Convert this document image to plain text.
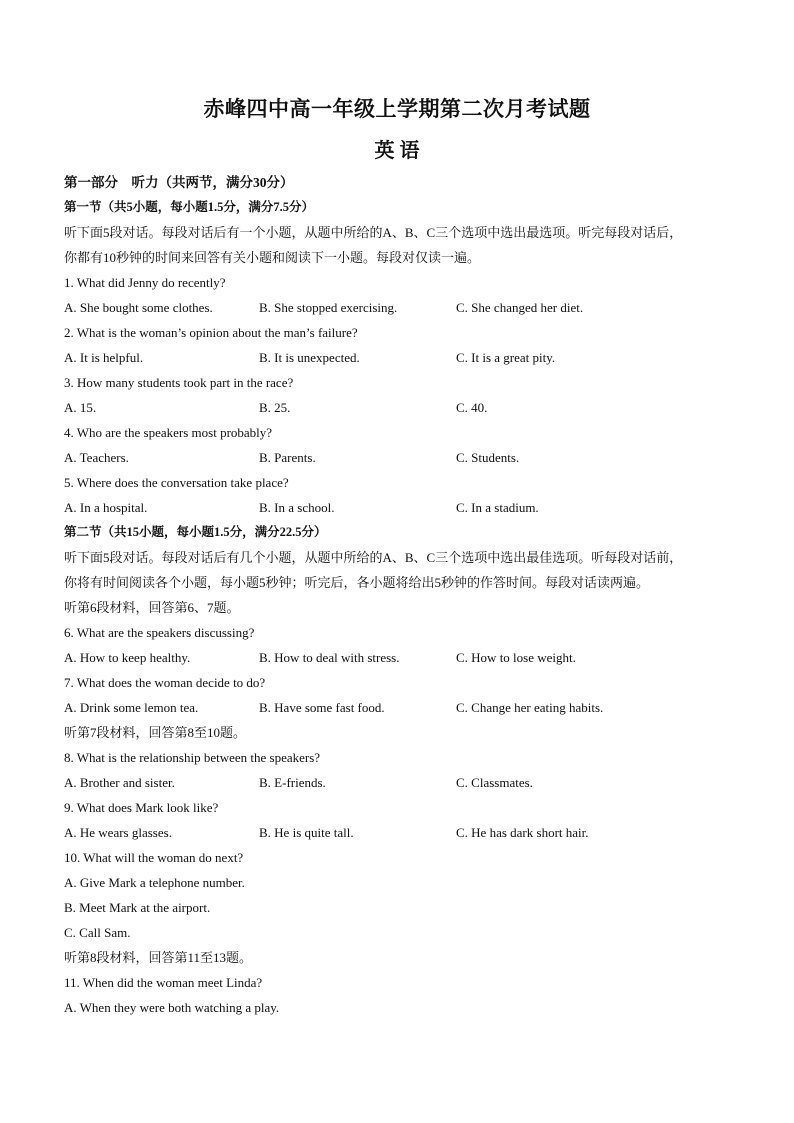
赤峰四中高一年级上学期第二次月考试题
英 语
第一部分　听力（共两节，满分30分）
第一节（共5小题，每小题1.5分，满分7.5分）
听下面5段对话。每段对话后有一个小题，从题中所给的A、B、C三个选项中选出最选项。听完每段对话后，
你都有10秒钟的时间来回答有关小题和阅读下一小题。每段对仅读一遍。
1. What did Jenny do recently?
A. She bought some clothes.	B. She stopped exercising.	C. She changed her diet.
2. What is the woman’s opinion about the man’s failure?
A. It is helpful.	B. It is unexpected.	C. It is a great pity.
3. How many students took part in the race?
A. 15.	B. 25.	C. 40.
4. Who are the speakers most probably?
A. Teachers.	B. Parents.	C. Students.
5. Where does the conversation take place?
A. In a hospital.	B. In a school.	C. In a stadium.
第二节（共15小题，每小题1.5分，满分22.5分）
听下面5段对话。每段对话后有几个小题，从题中所给的A、B、C三个选项中选出最佳选项。听每段对话前，
你将有时间阅读各个小题，每小题5秒钟；听完后，各小题将给出5秒钟的作答时间。每段对话读两遍。
听第6段材料，回答第6、7题。
6. What are the speakers discussing?
A. How to keep healthy.	B. How to deal with stress.	C. How to lose weight.
7. What does the woman decide to do?
A. Drink some lemon tea.	B. Have some fast food.	C. Change her eating habits.
听第7段材料，回答第8至10题。
8. What is the relationship between the speakers?
A. Brother and sister.	B. E-friends.	C. Classmates.
9. What does Mark look like?
A. He wears glasses.	B. He is quite tall.	C. He has dark short hair.
10. What will the woman do next?
A. Give Mark a telephone number.
B. Meet Mark at the airport.
C. Call Sam.
听第8段材料，回答第11至13题。
11. When did the woman meet Linda?
A. When they were both watching a play.
